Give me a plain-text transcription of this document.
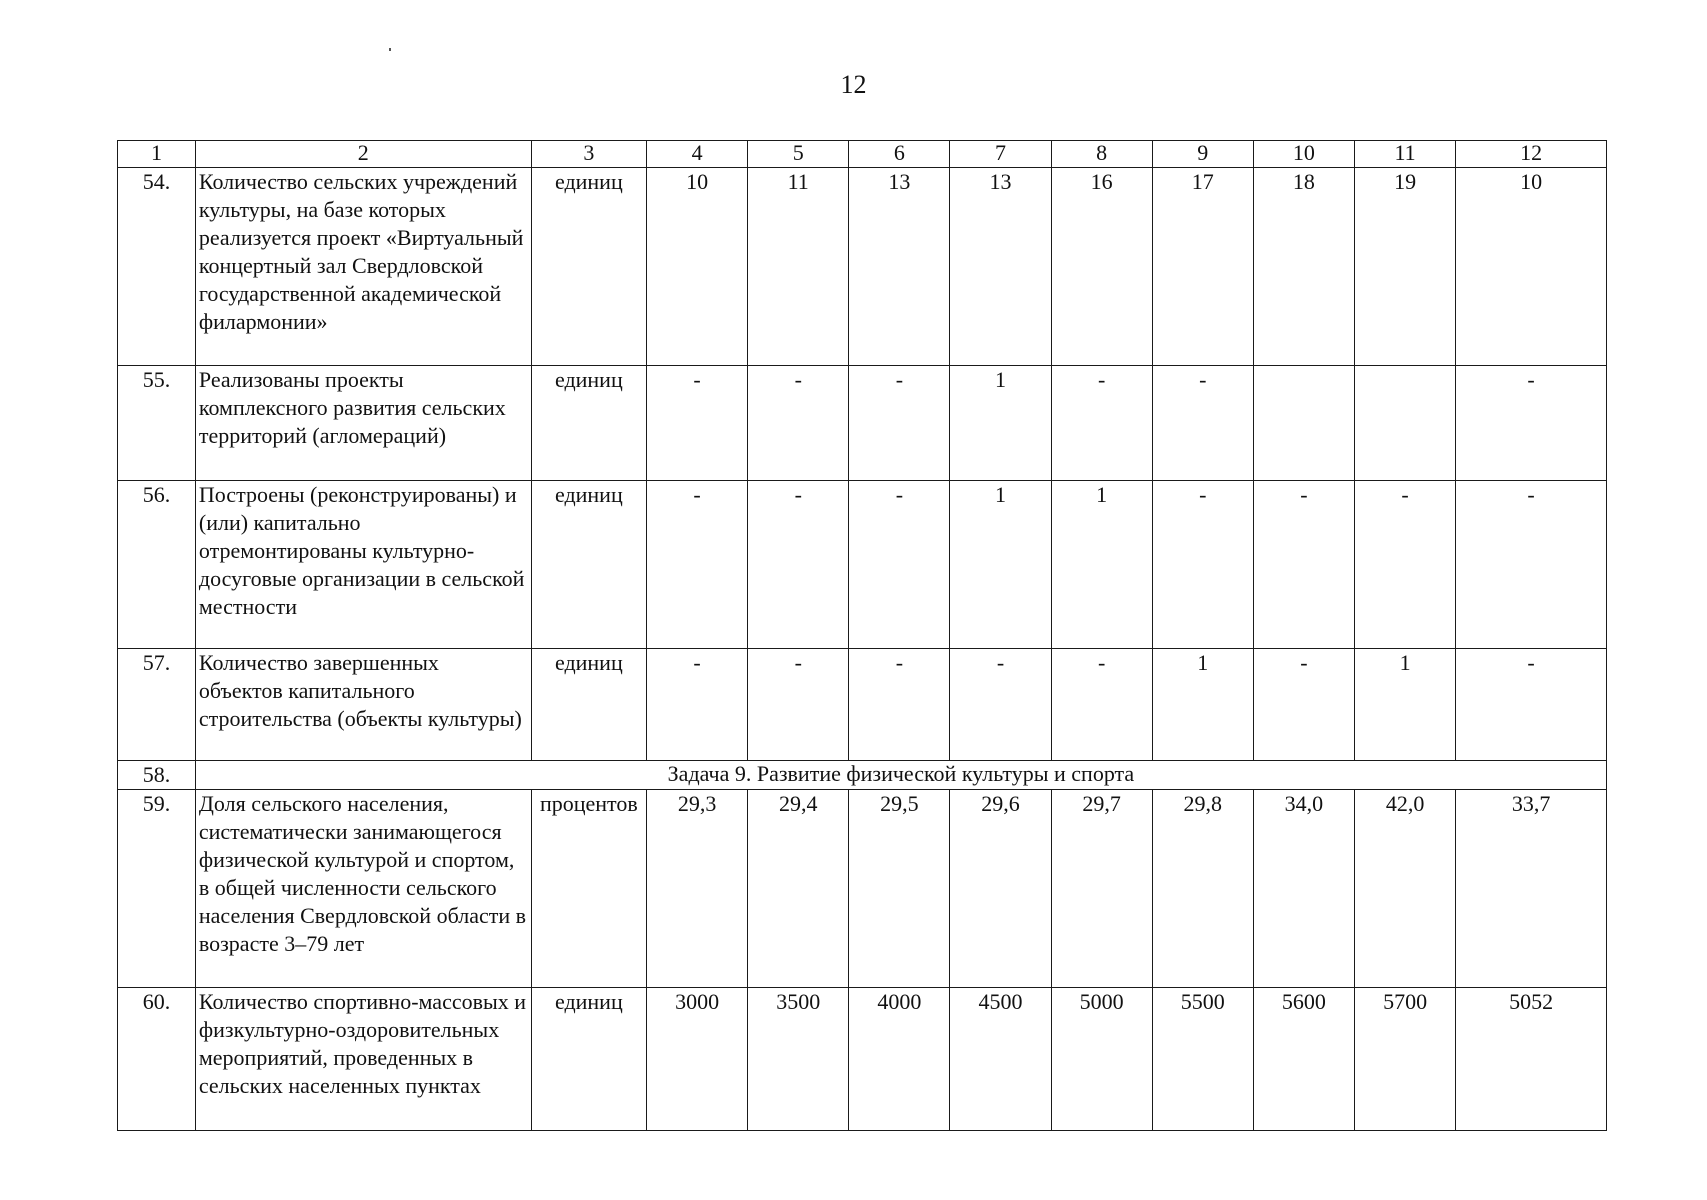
12
1	2	3	4	5	6	7	8	9	10	11	12
54.	Количество сельских учреждений культуры, на базе которых реализуется проект «Виртуальный концертный зал Свердловской государственной академической филармонии»	единиц	10	11	13	13	16	17	18	19	10
55.	Реализованы проекты комплексного развития сельских территорий (агломераций)	единиц	-	-	-	1	-	-			-
56.	Построены (реконструированы) и (или) капитально отремонтированы культурно-досуговые организации в сельской местности	единиц	-	-	-	1	1	-	-	-	-
57.	Количество завершенных объектов капитального строительства (объекты культуры)	единиц	-	-	-	-	-	1	-	1	-
58.	Задача 9. Развитие физической культуры и спорта										
59.	Доля сельского населения, систематически занимающегося физической культурой и спортом, в общей численности сельского населения Свердловской области в возрасте 3–79 лет	процентов	29,3	29,4	29,5	29,6	29,7	29,8	34,0	42,0	33,7
60.	Количество спортивно-массовых и физкультурно-оздоровительных мероприятий, проведенных в сельских населенных пунктах	единиц	3000	3500	4000	4500	5000	5500	5600	5700	5052
